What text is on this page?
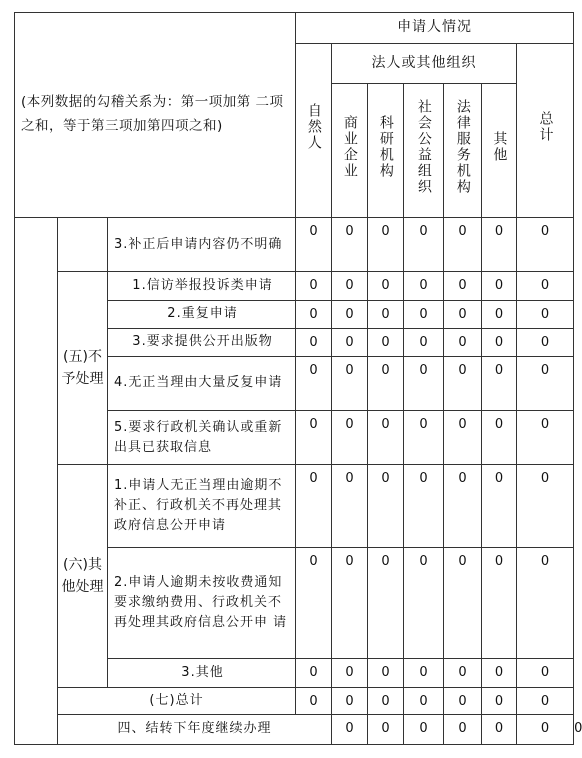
(本列数据的勾稽关系为：第一项加第 二项之和，等于第三项加第四项之和)			申请人情况							
			自然人	法人或其他组织					总计	
				商业企业	科研机构	社会公益组织	法律服务机构	其他		
		3.补正后申请内容仍不明确	0	0	0	0	0	0	0	
	(五)不予处理	1.信访举报投诉类申请	0	0	0	0	0	0	0	
		2.重复申请	0	0	0	0	0	0	0	
		3.要求提供公开出版物	0	0	0	0	0	0	0	
		4.无正当理由大量反复申请	0	0	0	0	0	0	0	
		5.要求行政机关确认或重新出具已获取信息	0	0	0	0	0	0	0	
	(六)其他处理	1.申请人无正当理由逾期不补正、行政机关不再处理其政府信息公开申请	0	0	0	0	0	0	0	
		2.申请人逾期未按收费通知要求缴纳费用、行政机关不再处理其政府信息公开申 请	0	0	0	0	0	0	0	
		3.其他	0	0	0	0	0	0	0	
	(七)总计		0	0	0	0	0	0	0	
	四、结转下年度继续办理			0	0	0	0	0	0	0
